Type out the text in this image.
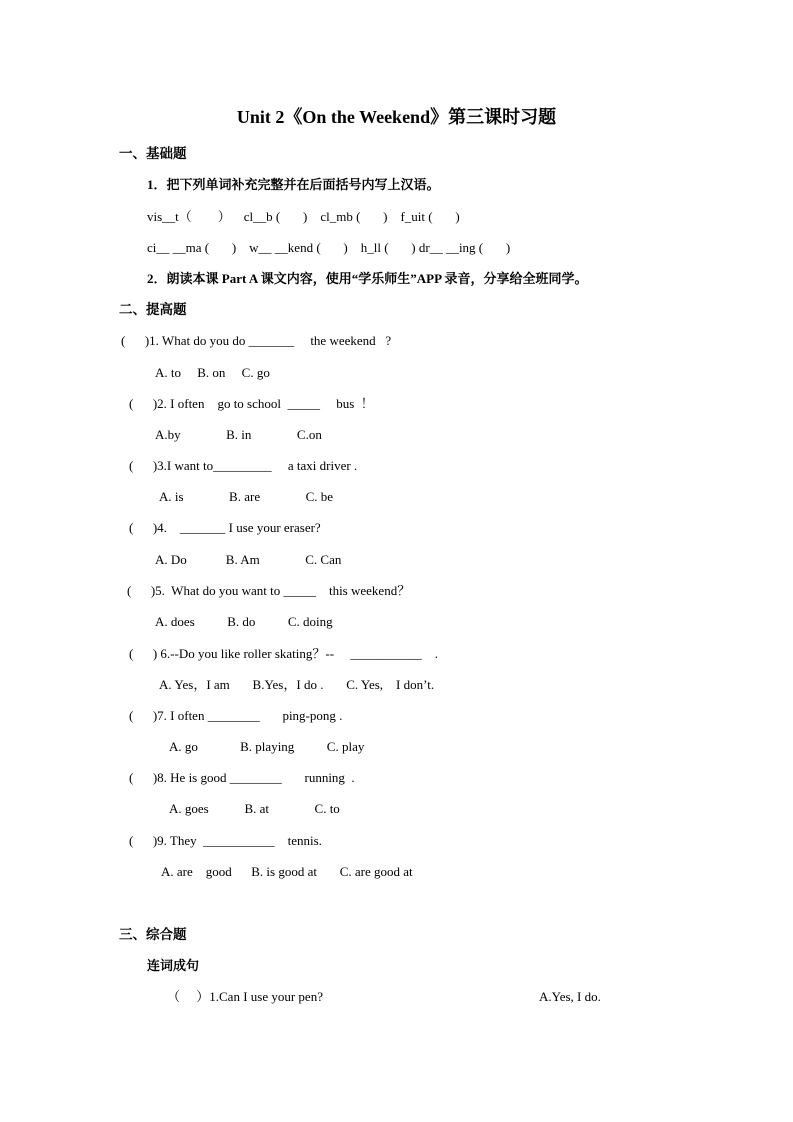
Unit 2《On the Weekend》第三课时习题

一、基础题

1．把下列单词补充完整并在后面括号内写上汉语。

vis__t（        ）    cl__b (       )    cl_mb (       )    f_uit (       )

ci__ __ma (       )    w__ __kend (       )    h_ll (       ) dr__ __ing (       )

2．朗读本课 Part A 课文内容，使用“学乐师生”APP 录音，分享给全班同学。

二、提高题

(      )1. What do you do _______     the weekend   ?

A. to     B. on     C. go

(      )2. I often    go to school  _____     bus  ！

A.by              B. in              C.on

(      )3.I want to_________     a taxi driver .

A. is              B. are              C. be

(      )4.    _______ I use your eraser?

A. Do            B. Am              C. Can

(      )5.  What do you want to _____    this weekend？

A. does          B. do          C. doing

(      ) 6.--Do you like roller skating？--     ___________    .

A. Yes，I am       B.Yes，I do .       C. Yes,    I don’t.

(      )7. I often ________       ping-pong .

A. go             B. playing          C. play

(      )8. He is good ________       running  .

A. goes           B. at              C. to

(      )9. They  ___________    tennis.

A. are    good      B. is good at       C. are good at

三、综合题

连词成句

（     ）1.Can I use your pen?	A.Yes, I do.
